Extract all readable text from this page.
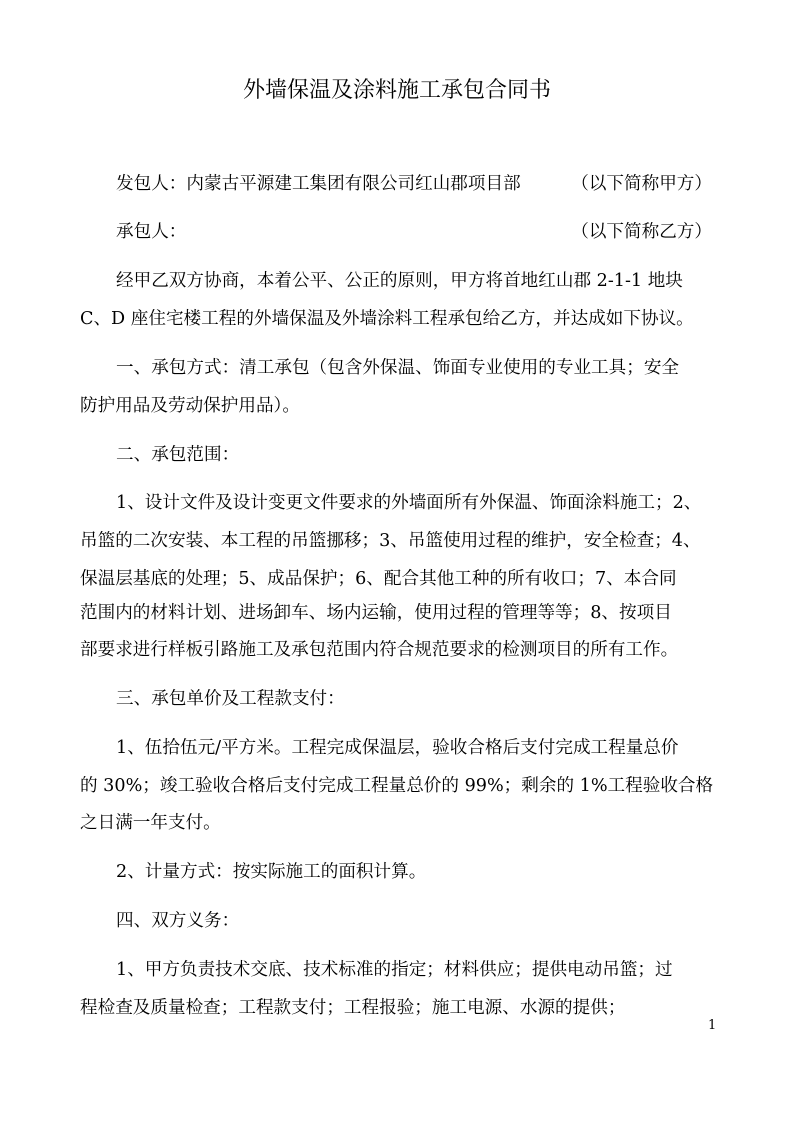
外墙保温及涂料施工承包合同书
发包人：内蒙古平源建工集团有限公司红山郡项目部	（以下简称甲方）
承包人：	（以下简称乙方）
经甲乙双方协商，本着公平、公正的原则，甲方将首地红山郡 2-1-1 地块
C、D 座住宅楼工程的外墙保温及外墙涂料工程承包给乙方，并达成如下协议。
一、承包方式：清工承包（包含外保温、饰面专业使用的专业工具；安全
防护用品及劳动保护用品）。
二、承包范围：
1、设计文件及设计变更文件要求的外墙面所有外保温、饰面涂料施工；2、
吊篮的二次安装、本工程的吊篮挪移；3、吊篮使用过程的维护，安全检查；4、
保温层基底的处理；5、成品保护；6、配合其他工种的所有收口；7、本合同
范围内的材料计划、进场卸车、场内运输，使用过程的管理等等；8、按项目
部要求进行样板引路施工及承包范围内符合规范要求的检测项目的所有工作。
三、承包单价及工程款支付：
1、伍拾伍元/平方米。工程完成保温层，验收合格后支付完成工程量总价
的 30%；竣工验收合格后支付完成工程量总价的 99%；剩余的 1%工程验收合格
之日满一年支付。
2、计量方式：按实际施工的面积计算。
四、双方义务：
1、甲方负责技术交底、技术标准的指定；材料供应；提供电动吊篮；过
程检查及质量检查；工程款支付；工程报验；施工电源、水源的提供；
1
